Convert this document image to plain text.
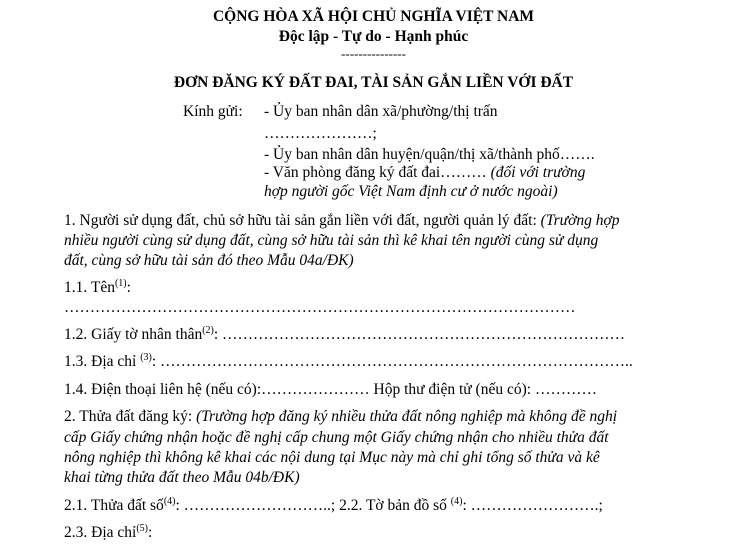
CỘNG HÒA XÃ HỘI CHỦ NGHĨA VIỆT NAM
Độc lập - Tự do - Hạnh phúc
---------------
ĐƠN ĐĂNG KÝ ĐẤT ĐAI, TÀI SẢN GẮN LIỀN VỚI ĐẤT
Kính gửi: - Ủy ban nhân dân xã/phường/thị trấn
…………………;
- Ủy ban nhân dân huyện/quận/thị xã/thành phố…….
- Văn phòng đăng ký đất đai……… (đối với trường
hợp người gốc Việt Nam định cư ở nước ngoài)
1. Người sử dụng đất, chủ sở hữu tài sản gắn liền với đất, người quản lý đất: (Trường hợp
nhiều người cùng sử dụng đất, cùng sở hữu tài sản thì kê khai tên người cùng sử dụng
đất, cùng sở hữu tài sản đó theo Mẫu 04a/ĐK)
1.1. Tên$^{(1)}$:
………………………………………………………………………………………
1.2. Giấy tờ nhân thân$^{(2)}$: ……………………………………………………………………
1.3. Địa chỉ $^{(3)}$: ………………………………………………………………………………..
1.4. Điện thoại liên hệ (nếu có):………………… Hộp thư điện tử (nếu có): …………
2. Thửa đất đăng ký: (Trường hợp đăng ký nhiều thửa đất nông nghiệp mà không đề nghị
cấp Giấy chứng nhận hoặc đề nghị cấp chung một Giấy chứng nhận cho nhiều thửa đất
nông nghiệp thì không kê khai các nội dung tại Mục này mà chỉ ghi tổng số thửa và kê
khai từng thửa đất theo Mẫu 04b/ĐK)
2.1. Thửa đất số$^{(4)}$: ………………………..; 2.2. Tờ bản đồ số $^{(4)}$: …………………….;
2.3. Địa chỉ$^{(5)}$:
